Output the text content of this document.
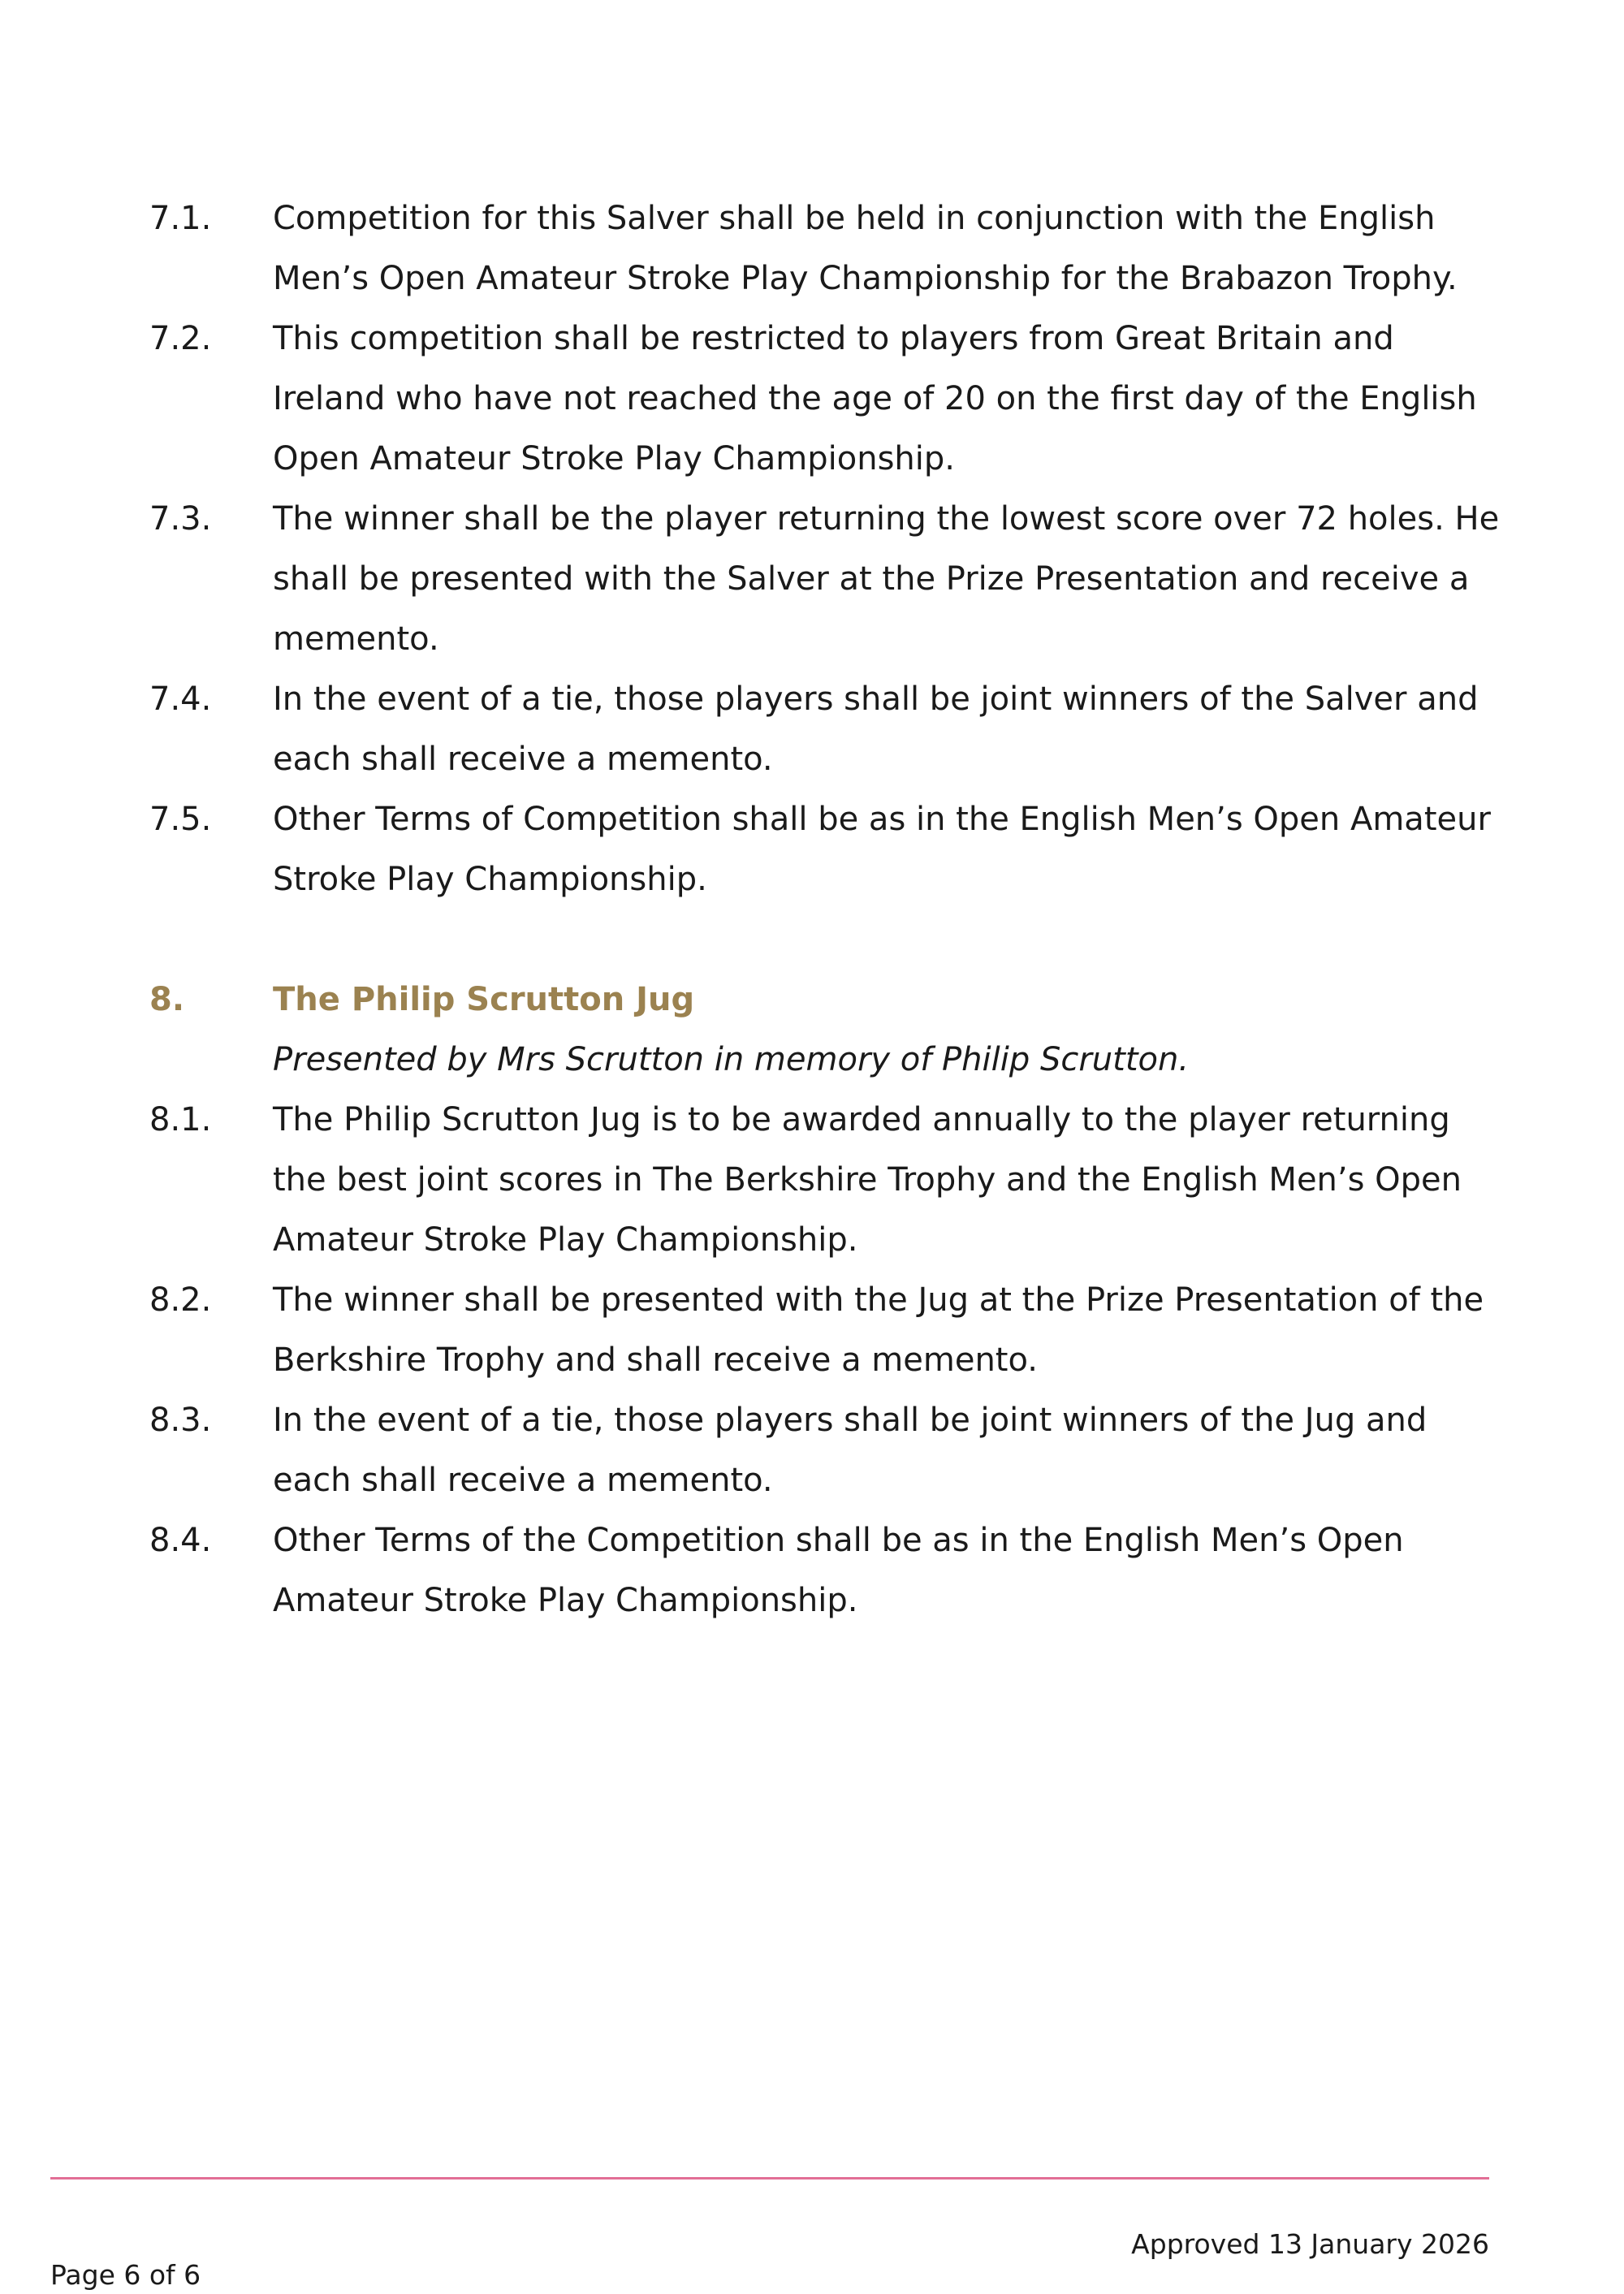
7.1.	Competition for this Salver shall be held in conjunction with the English Men’s Open Amateur Stroke Play Championship for the Brabazon Trophy.
7.2.	This competition shall be restricted to players from Great Britain and Ireland who have not reached the age of 20 on the first day of the English Open Amateur Stroke Play Championship.
7.3.	The winner shall be the player returning the lowest score over 72 holes. He shall be presented with the Salver at the Prize Presentation and receive a memento.
7.4.	In the event of a tie, those players shall be joint winners of the Salver and each shall receive a memento.
7.5.	Other Terms of Competition shall be as in the English Men’s Open Amateur Stroke Play Championship.
8.	The Philip Scrutton Jug
Presented by Mrs Scrutton in memory of Philip Scrutton.
8.1.	The Philip Scrutton Jug is to be awarded annually to the player returning the best joint scores in The Berkshire Trophy and the English Men’s Open Amateur Stroke Play Championship.
8.2.	The winner shall be presented with the Jug at the Prize Presentation of the Berkshire Trophy and shall receive a memento.
8.3.	In the event of a tie, those players shall be joint winners of the Jug and each shall receive a memento.
8.4.	Other Terms of the Competition shall be as in the English Men’s Open Amateur Stroke Play Championship.
Approved 13 January 2026
Page 6 of 6
